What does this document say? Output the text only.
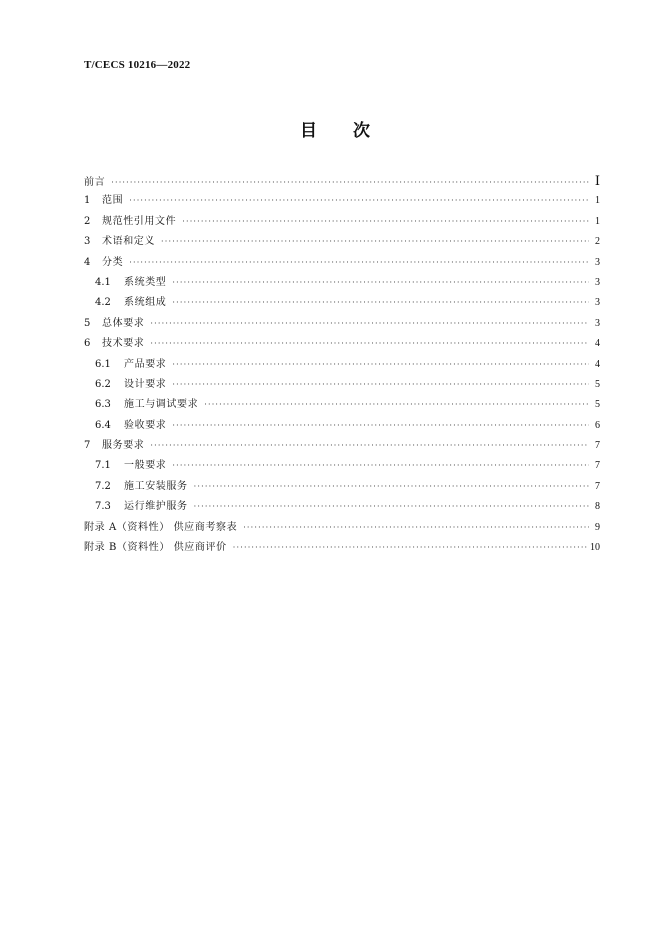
T/CECS 10216—2022
目 次
前言 ·····	Ⅰ
1	范围 ·····	1
2	规范性引用文件 ·····	1
3	术语和定义 ·····	2
4	分类 ·····	3
4.1	系统类型 ·····	3
4.2	系统组成 ·····	3
5	总体要求 ·····	3
6	技术要求 ·····	4
6.1	产品要求 ·····	4
6.2	设计要求 ·····	5
6.3	施工与调试要求 ·····	5
6.4	验收要求 ·····	6
7	服务要求 ·····	7
7.1	一般要求 ·····	7
7.2	施工安装服务 ·····	7
7.3	运行维护服务 ·····	8
附录 A（资料性） 供应商考察表 ·····	9
附录 B（资料性） 供应商评价 ·····	10
